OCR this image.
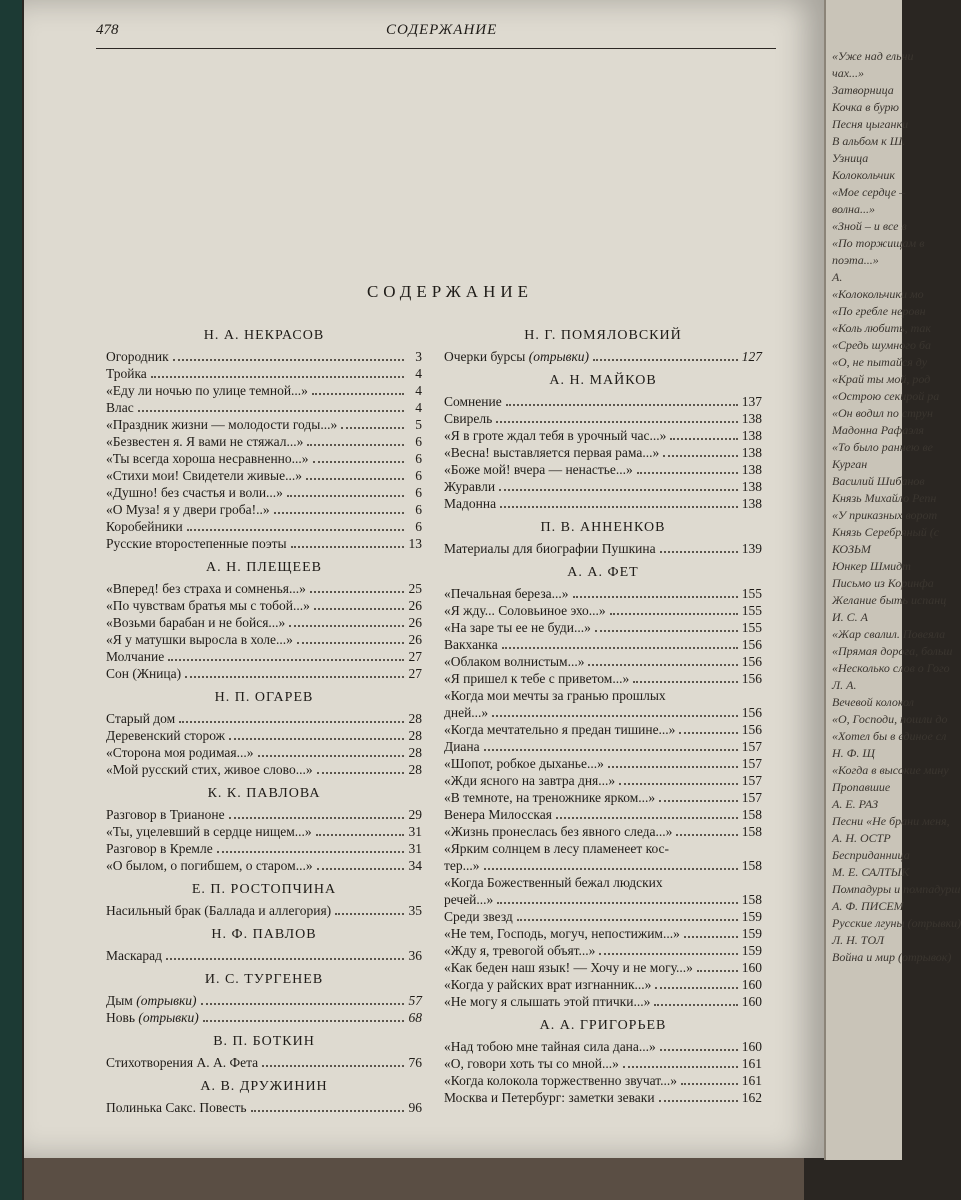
«Уже над ельни
чах...»
Затворница
Кочка в бурю
Песня цыганки
В альбом к Ш.
Узница
Колокольчик
«Мое сердце –
волна...»
«Зной – и все в
«По торжищам в
поэта...»
А.
«Колокольчики мо
«По гребле неровн
«Коль любить, так
«Средь шумного ба
«О, не пытайся ду
«Край ты мой, род
«Острою секирой ра
«Он водил по струн
Мадонна Рафаэля
«То было раннею ве
Курган
Василий Шибанов
Князь Михайло Репн
«У приказных ворот
Князь Серебряный (с
КОЗЬМ
Юнкер Шмидт
Письмо из Коринфа
Желание быть испанц
И. С. А
«Жар свалил. Повеяла
«Прямая дорога, больш
«Несколько слов о Гого
Л. А.
Вечевой колокол
«О, Господи, пошли до
«Хотел бы в единое сл
Н. Ф. Щ
«Когда в высокие мину
Пропавшие
А. Е. РАЗ
Песни «Не брани меня,
А. Н. ОСТР
Бесприданница
М. Е. САЛТЫК
Помпадуры и помпадурш
А. Ф. ПИСЕМ
Русские лгуны (отрывки)
Л. Н. ТОЛ
Война и мир (отрывок)
478	СОДЕРЖАНИЕ
СОДЕРЖАНИЕ
Н. А. НЕКРАСОВ
Огородник	3
Тройка	4
«Еду ли ночью по улице темной...»	4
Влас	4
«Праздник жизни — молодости годы...»	5
«Безвестен я. Я вами не стяжал...»	6
«Ты всегда хороша несравненно...»	6
«Стихи мои! Свидетели живые...»	6
«Душно! без счастья и воли...»	6
«О Муза! я у двери гроба!..»	6
Коробейники	6
Русские второстепенные поэты	13
А. Н. ПЛЕЩЕЕВ
«Вперед! без страха и сомненья...»	25
«По чувствам братья мы с тобой...»	26
«Возьми барабан и не бойся...»	26
«Я у матушки выросла в холе...»	26
Молчание	27
Сон (Жница)	27
Н. П. ОГАРЕВ
Старый дом	28
Деревенский сторож	28
«Сторона моя родимая...»	28
«Мой русский стих, живое слово...»	28
К. К. ПАВЛОВА
Разговор в Трианоне	29
«Ты, уцелевший в сердце нищем...»	31
Разговор в Кремле	31
«О былом, о погибшем, о старом...»	34
Е. П. РОСТОПЧИНА
Насильный брак (Баллада и аллегория)	35
Н. Ф. ПАВЛОВ
Маскарад	36
И. С. ТУРГЕНЕВ
Дым (отрывки)	57
Новь (отрывки)	68
В. П. БОТКИН
Стихотворения А. А. Фета	76
А. В. ДРУЖИНИН
Полинька Сакс. Повесть	96
Н. Г. ПОМЯЛОВСКИЙ
Очерки бурсы (отрывки)	127
А. Н. МАЙКОВ
Сомнение	137
Свирель	138
«Я в гроте ждал тебя в урочный час...»	138
«Весна! выставляется первая рама...»	138
«Боже мой! вчера — ненастье...»	138
Журавли	138
Мадонна	138
П. В. АННЕНКОВ
Материалы для биографии Пушкина	139
А. А. ФЕТ
«Печальная береза...»	155
«Я жду... Соловьиное эхо...»	155
«На заре ты ее не буди...»	155
Вакханка	156
«Облаком волнистым...»	156
«Я пришел к тебе с приветом...»	156
«Когда мои мечты за гранью прошлых
дней...»	156
«Когда мечтательно я предан тишине...»	156
Диана	157
«Шопот, робкое дыханье...»	157
«Жди ясного на завтра дня...»	157
«В темноте, на треножнике ярком...»	157
Венера Милосская	158
«Жизнь пронеслась без явного следа...»	158
«Ярким солнцем в лесу пламенеет кос-
тер...»	158
«Когда Божественный бежал людских
речей...»	158
Среди звезд	159
«Не тем, Господь, могуч, непостижим...»	159
«Жду я, тревогой объят...»	159
«Как беден наш язык! — Хочу и не могу...»	160
«Когда у райских врат изгнанник...»	160
«Не могу я слышать этой птички...»	160
А. А. ГРИГОРЬЕВ
«Над тобою мне тайная сила дана...»	160
«О, говори хоть ты со мной...»	161
«Когда колокола торжественно звучат...»	161
Москва и Петербург: заметки зеваки	162
